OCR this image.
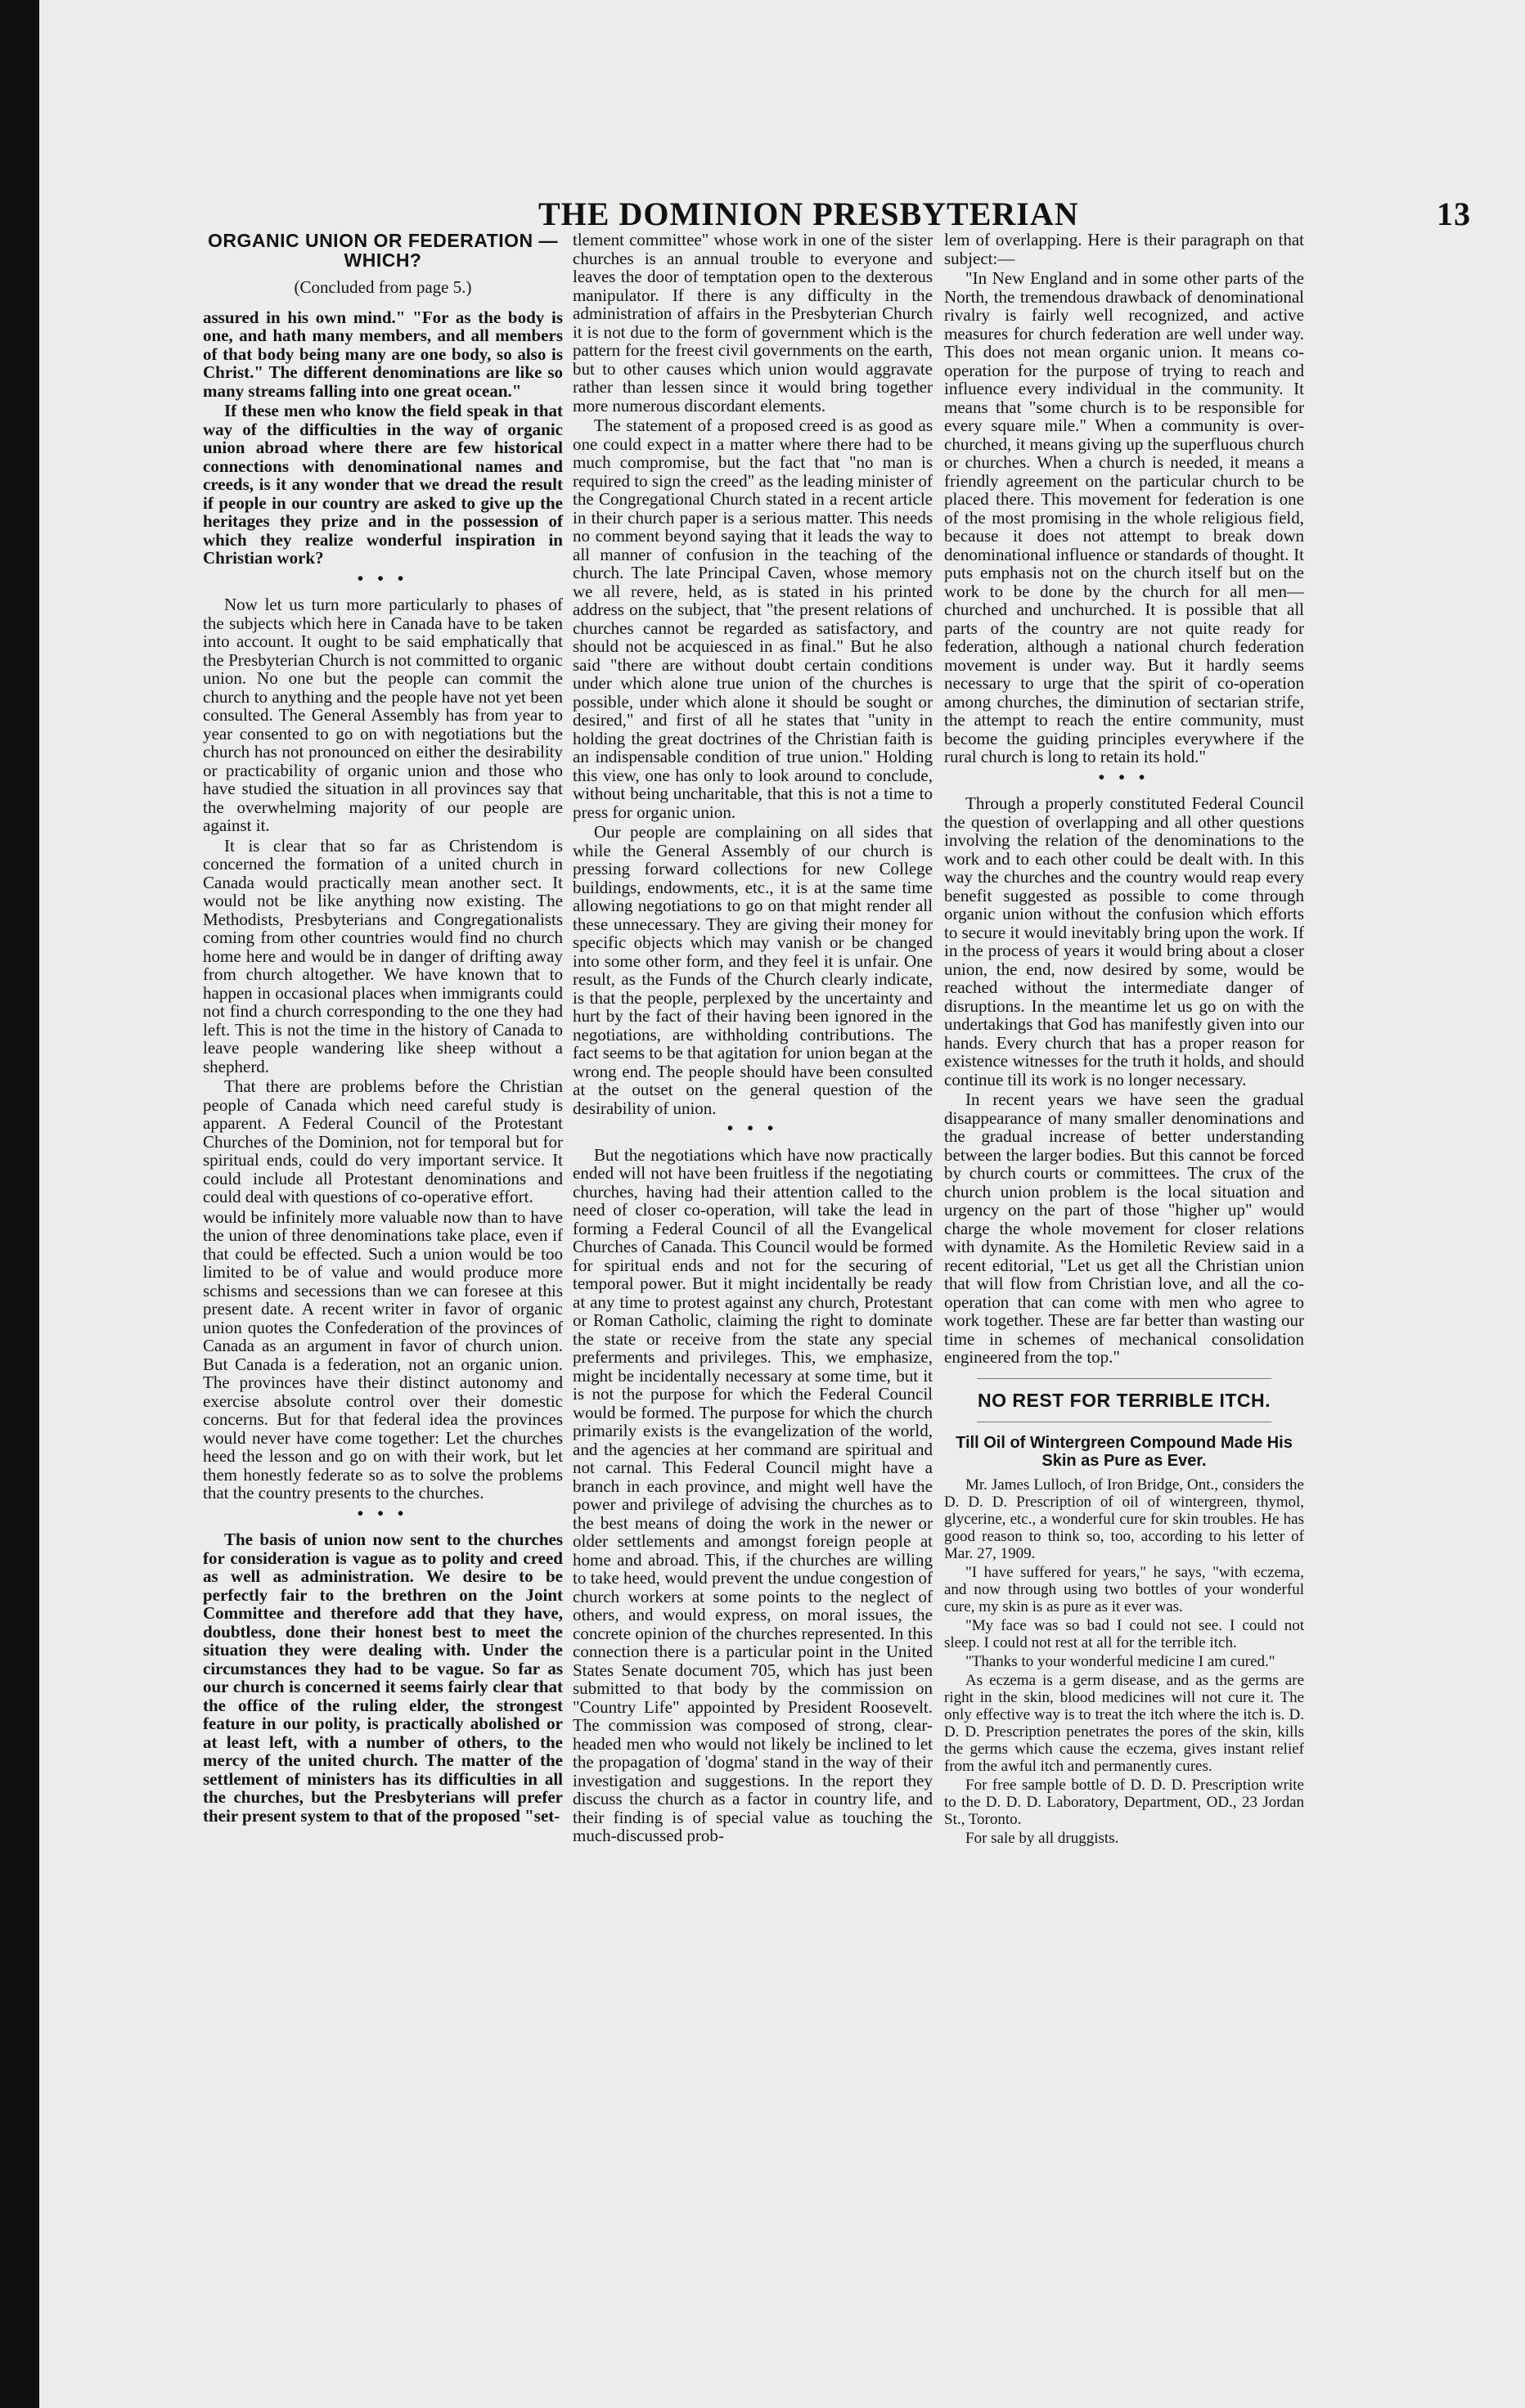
THE DOMINION PRESBYTERIAN	13
ORGANIC UNION OR FEDERATION —WHICH?
(Concluded from page 5.)

assured in his own mind." "For as the body is one, and hath many members, and all members of that body being many are one body, so also is Christ." The different denominations are like so many streams falling into one great ocean."

If these men who know the field speak in that way of the difficulties in the way of organic union abroad where there are few historical connections with denominational names and creeds, is it any wonder that we dread the result if people in our country are asked to give up the heritages they prize and in the possession of which they realize wonderful inspiration in Christian work?

• • •

Now let us turn more particularly to phases of the subjects which here in Canada have to be taken into account. It ought to be said emphatically that the Presbyterian Church is not committed to organic union. No one but the people can commit the church to anything and the people have not yet been consulted. The General Assembly has from year to year consented to go on with negotiations but the church has not pronounced on either the desirability or practicability of organic union and those who have studied the situation in all provinces say that the overwhelming majority of our people are against it.

It is clear that so far as Christendom is concerned the formation of a united church in Canada would practically mean another sect. It would not be like anything now existing. The Methodists, Presbyterians and Congregationalists coming from other countries would find no church home here and would be in danger of drifting away from church altogether. We have known that to happen in occasional places when immigrants could not find a church corresponding to the one they had left. This is not the time in the history of Canada to leave people wandering like sheep without a shepherd.

That there are problems before the Christian people of Canada which need careful study is apparent. A Federal Council of the Protestant Churches of the Dominion, not for temporal but for spiritual ends, could do very important service. It could include all Protestant denominations and could deal with questions of co-operative effort.

would be infinitely more valuable now than to have the union of three denominations take place, even if that could be effected. Such a union would be too limited to be of value and would produce more schisms and secessions than we can foresee at this present date. A recent writer in favor of organic union quotes the Confederation of the provinces of Canada as an argument in favor of church union. But Canada is a federation, not an organic union. The provinces have their distinct autonomy and exercise absolute control over their domestic concerns. But for that federal idea the provinces would never have come together: Let the churches heed the lesson and go on with their work, but let them honestly federate so as to solve the problems that the country presents to the churches.

• • •

The basis of union now sent to the churches for consideration is vague as to polity and creed as well as administration. We desire to be perfectly fair to the brethren on the Joint Committee and therefore add that they have, doubtless, done their honest best to meet the situation they were dealing with. Under the circumstances they had to be vague. So far as our church is concerned it seems fairly clear that the office of the ruling elder, the strongest feature in our polity, is practically abolished or at least left, with a number of others, to the mercy of the united church. The matter of the settlement of ministers has its difficulties in all the churches, but the Presbyterians will prefer their present system to that of the proposed "set-

tlement committee" whose work in one of the sister churches is an annual trouble to everyone and leaves the door of temptation open to the dexterous manipulator. If there is any difficulty in the administration of affairs in the Presbyterian Church it is not due to the form of government which is the pattern for the freest civil governments on the earth, but to other causes which union would aggravate rather than lessen since it would bring together more numerous discordant elements.

The statement of a proposed creed is as good as one could expect in a matter where there had to be much compromise, but the fact that "no man is required to sign the creed" as the leading minister of the Congregational Church stated in a recent article in their church paper is a serious matter. This needs no comment beyond saying that it leads the way to all manner of confusion in the teaching of the church. The late Principal Caven, whose memory we all revere, held, as is stated in his printed address on the subject, that "the present relations of churches cannot be regarded as satisfactory, and should not be acquiesced in as final." But he also said "there are without doubt certain conditions under which alone true union of the churches is possible, under which alone it should be sought or desired," and first of all he states that "unity in holding the great doctrines of the Christian faith is an indispensable condition of true union." Holding this view, one has only to look around to conclude, without being uncharitable, that this is not a time to press for organic union.

Our people are complaining on all sides that while the General Assembly of our church is pressing forward collections for new College buildings, endowments, etc., it is at the same time allowing negotiations to go on that might render all these unnecessary. They are giving their money for specific objects which may vanish or be changed into some other form, and they feel it is unfair. One result, as the Funds of the Church clearly indicate, is that the people, perplexed by the uncertainty and hurt by the fact of their having been ignored in the negotiations, are withholding contributions. The fact seems to be that agitation for union began at the wrong end. The people should have been consulted at the outset on the general question of the desirability of union.

• • •

But the negotiations which have now practically ended will not have been fruitless if the negotiating churches, having had their attention called to the need of closer co-operation, will take the lead in forming a Federal Council of all the Evangelical Churches of Canada. This Council would be formed for spiritual ends and not for the securing of temporal power. But it might incidentally be ready at any time to protest against any church, Protestant or Roman Catholic, claiming the right to dominate the state or receive from the state any special preferments and privileges. This, we emphasize, might be incidentally necessary at some time, but it is not the purpose for which the Federal Council would be formed. The purpose for which the church primarily exists is the evangelization of the world, and the agencies at her command are spiritual and not carnal. This Federal Council might have a branch in each province, and might well have the power and privilege of advising the churches as to the best means of doing the work in the newer or older settlements and amongst foreign people at home and abroad. This, if the churches are willing to take heed, would prevent the undue congestion of church workers at some points to the neglect of others, and would express, on moral issues, the concrete opinion of the churches represented. In this connection there is a particular point in the United States Senate document 705, which has just been submitted to that body by the commission on "Country Life" appointed by President Roosevelt. The commission was composed of strong, clear-headed men who would not likely be inclined to let the propagation of 'dogma' stand in the way of their investigation and suggestions. In the report they discuss the church as a factor in country life, and their finding is of special value as touching the much-discussed prob-

lem of overlapping. Here is their paragraph on that subject:—

"In New England and in some other parts of the North, the tremendous drawback of denominational rivalry is fairly well recognized, and active measures for church federation are well under way. This does not mean organic union. It means co-operation for the purpose of trying to reach and influence every individual in the community. It means that "some church is to be responsible for every square mile." When a community is over-churched, it means giving up the superfluous church or churches. When a church is needed, it means a friendly agreement on the particular church to be placed there. This movement for federation is one of the most promising in the whole religious field, because it does not attempt to break down denominational influence or standards of thought. It puts emphasis not on the church itself but on the work to be done by the church for all men—churched and unchurched. It is possible that all parts of the country are not quite ready for federation, although a national church federation movement is under way. But it hardly seems necessary to urge that the spirit of co-operation among churches, the diminution of sectarian strife, the attempt to reach the entire community, must become the guiding principles everywhere if the rural church is long to retain its hold."

• • •

Through a properly constituted Federal Council the question of overlapping and all other questions involving the relation of the denominations to the work and to each other could be dealt with. In this way the churches and the country would reap every benefit suggested as possible to come through organic union without the confusion which efforts to secure it would inevitably bring upon the work. If in the process of years it would bring about a closer union, the end, now desired by some, would be reached without the intermediate danger of disruptions. In the meantime let us go on with the undertakings that God has manifestly given into our hands. Every church that has a proper reason for existence witnesses for the truth it holds, and should continue till its work is no longer necessary.

In recent years we have seen the gradual disappearance of many smaller denominations and the gradual increase of better understanding between the larger bodies. But this cannot be forced by church courts or committees. The crux of the church union problem is the local situation and urgency on the part of those "higher up" would charge the whole movement for closer relations with dynamite. As the Homiletic Review said in a recent editorial, "Let us get all the Christian union that will flow from Christian love, and all the co-operation that can come with men who agree to work together. These are far better than wasting our time in schemes of mechanical consolidation engineered from the top."

NO REST FOR TERRIBLE ITCH.
Till Oil of Wintergreen Compound Made His Skin as Pure as Ever.

Mr. James Lulloch, of Iron Bridge, Ont., considers the D. D. D. Prescription of oil of wintergreen, thymol, glycerine, etc., a wonderful cure for skin troubles. He has good reason to think so, too, according to his letter of Mar. 27, 1909.

"I have suffered for years," he says, "with eczema, and now through using two bottles of your wonderful cure, my skin is as pure as it ever was.

"My face was so bad I could not see. I could not sleep. I could not rest at all for the terrible itch.

"Thanks to your wonderful medicine I am cured."

As eczema is a germ disease, and as the germs are right in the skin, blood medicines will not cure it. The only effective way is to treat the itch where the itch is. D. D. D. Prescription penetrates the pores of the skin, kills the germs which cause the eczema, gives instant relief from the awful itch and permanently cures.

For free sample bottle of D. D. D. Prescription write to the D. D. D. Laboratory, Department, OD., 23 Jordan St., Toronto.

For sale by all druggists.
